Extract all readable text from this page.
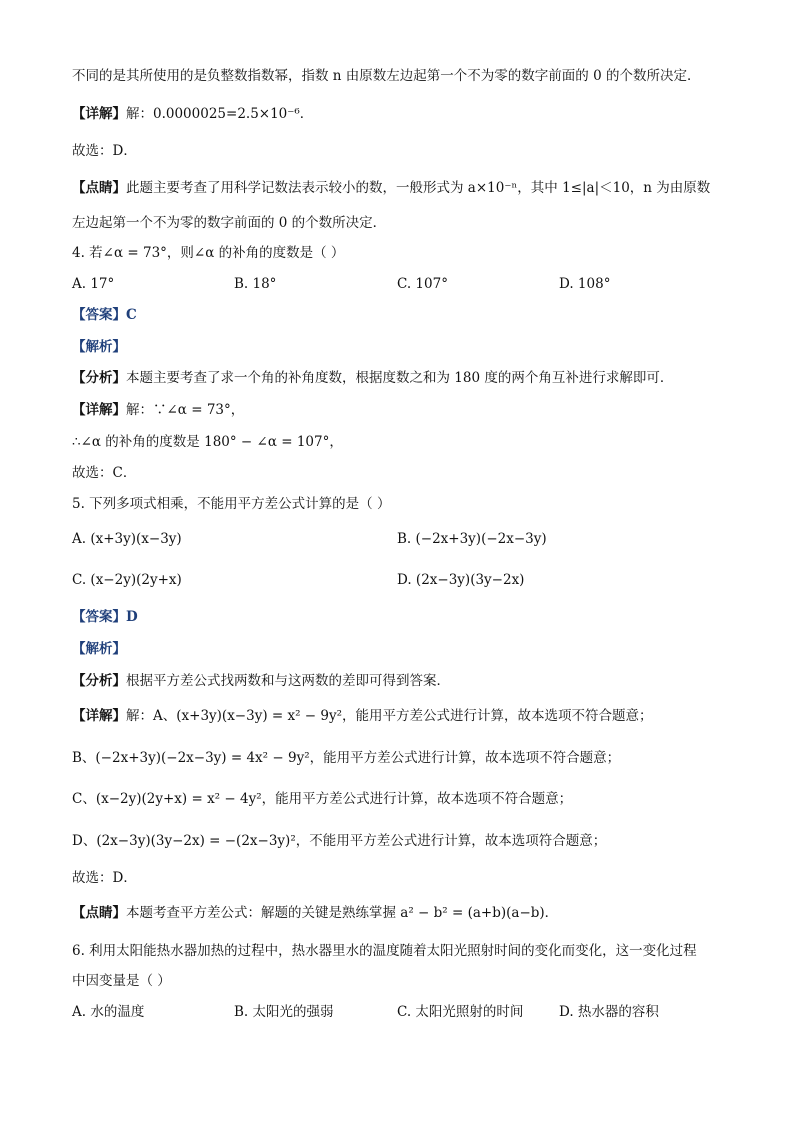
不同的是其所使用的是负整数指数幂，指数 n 由原数左边起第一个不为零的数字前面的 0 的个数所决定．
【详解】解：0.0000025=2.5×10⁻⁶．
故选：D．
【点睛】此题主要考查了用科学记数法表示较小的数，一般形式为 a×10⁻ⁿ，其中 1≤|a|＜10，n 为由原数
左边起第一个不为零的数字前面的 0 的个数所决定．
4. 若∠α = 73°，则∠α 的补角的度数是（ ）
A. 17°	B. 18°	C. 107°	D. 108°
【答案】C
【解析】
【分析】本题主要考查了求一个角的补角度数，根据度数之和为 180 度的两个角互补进行求解即可．
【详解】解：∵∠α = 73°，
∴∠α 的补角的度数是 180° − ∠α = 107°，
故选：C．
5. 下列多项式相乘，不能用平方差公式计算的是（ ）
A. (x+3y)(x−3y)	B. (−2x+3y)(−2x−3y)
C. (x−2y)(2y+x)	D. (2x−3y)(3y−2x)
【答案】D
【解析】
【分析】根据平方差公式找两数和与这两数的差即可得到答案．
【详解】解：A、(x+3y)(x−3y) = x² − 9y²，能用平方差公式进行计算，故本选项不符合题意；
B、(−2x+3y)(−2x−3y) = 4x² − 9y²，能用平方差公式进行计算，故本选项不符合题意；
C、(x−2y)(2y+x) = x² − 4y²，能用平方差公式进行计算，故本选项不符合题意；
D、(2x−3y)(3y−2x) = −(2x−3y)²，不能用平方差公式进行计算，故本选项符合题意；
故选：D．
【点睛】本题考查平方差公式：解题的关键是熟练掌握 a² − b² = (a+b)(a−b)．
6. 利用太阳能热水器加热的过程中，热水器里水的温度随着太阳光照射时间的变化而变化，这一变化过程
中因变量是（ ）
A. 水的温度	B. 太阳光的强弱	C. 太阳光照射的时间	D. 热水器的容积
